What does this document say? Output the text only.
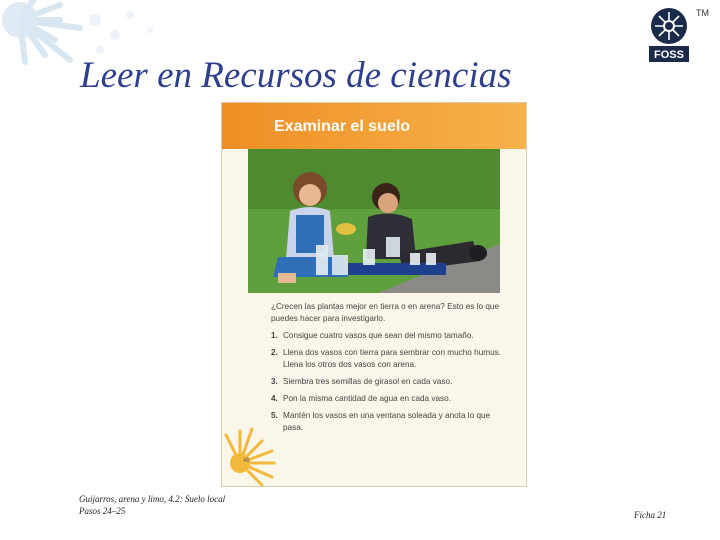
Leer en Recursos de ciencias
TM
FOSS
Examinar el suelo

¿Crecen las plantas mejor en tierra o en arena? Esto es lo que puedes hacer para investigarlo.

1. Consigue cuatro vasos que sean del mismo tamaño.
2. Llena dos vasos con tierra para sembrar con mucho humus. Llena los otros dos vasos con arena.
3. Siembra tres semillas de girasol en cada vaso.
4. Pon la misma cantidad de agua en cada vaso.
5. Mantén los vasos en una ventana soleada y anota lo que pasa.
48
Guijarros, arena y limo, 4.2: Suelo local
Pasos 24–25	Ficha 21
